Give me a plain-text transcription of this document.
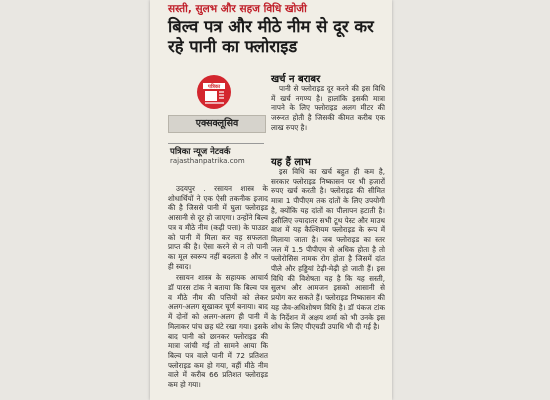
सस्ती, सुलभ और सहज विधि खोजी
बिल्व पत्र और मीठे नीम से दूर कर रहे पानी का फ्लोराइड
पत्रिका
एक्सक्लूसिव
पत्रिका न्यूज नेटवर्क
rajasthanpatrika.com

उदयपुर . रसायन शास्त्र के शोधार्थियों ने एक ऐसी तकनीक इजाद की है जिससे पानी में घुला फ्लोराइड आसानी से दूर हो जाएगा। उन्होंने बिल्व पत्र व मीठे नीम (कढ़ी पत्ता) के पाउडर को पानी में मिला कर यह सफलता प्राप्त की है। ऐसा करने से न तो पानी का मूल स्वरूप नहीं बदलता है और न ही स्वाद।

रसायन शास्त्र के सहायक आचार्य डॉ पारस टांक ने बताया कि बिल्व पत्र व मीठे नीम की पत्तियों को लेकर अलग-अलग सूखाकर चूर्ण बनाया। बाद में दोनों को अलग-अलग ही पानी में मिलाकर पांच छह घंटे रखा गया। इसके बाद पानी को छानकर फ्लोराइड की मात्रा जांची गई तो सामने आया कि बिल्व पत्र वाले पानी में 72 प्रतिशत फ्लोराइड कम हो गया, वहीं मीठे नीम वाले में करीब 66 प्रतिशत फ्लोराइड कम हो गया।

खर्च न बराबर

पानी से फ्लोराइड दूर करने की इस विधि में खर्च नगण्य है। हालांकि इसकी मात्रा नापने के लिए फ्लोराइड अलग मीटर की जरूरत होती है जिसकी कीमत करीब एक लाख रुपए है।

यह हैं लाभ

इस विधि का खर्च बहुत ही कम है, सरकार फ्लोराइड निष्कासन पर भी हजारों रुपए खर्च करती है। फ्लोराइड की सीमित मात्रा 1 पीपीएम तक दांतों के लिए उपयोगी है, क्योंकि यह दांतों का पीलापन हटाती है। इसीलिए ज्यादातर सभी टूथ पेस्ट और माउथ वाश में यह कैल्शियम फ्लोराइड के रूप में मिलाया जाता है। जब फ्लोराइड का स्तर जल में 1.5 पीपीएम से अधिक होता है तो फ्लोरोसिस नामक रोग होता है जिसमें दांत पीले और हड्डियां टेढ़ी-मेढ़ी हो जाती हैं। इस विधि की विशेषता यह है कि यह सस्ती, सुलभ और आमजन इसको आसानी से प्रयोग कर सकते हैं। फ्लोराइड निष्कासन की यह जैव-अधिशोषण विधि है। डॉ पंकज टांक के निर्देशन में अक्षय शर्मा को भी उनके इस शोध के लिए पीएचडी उपाधि भी दी गई है।
